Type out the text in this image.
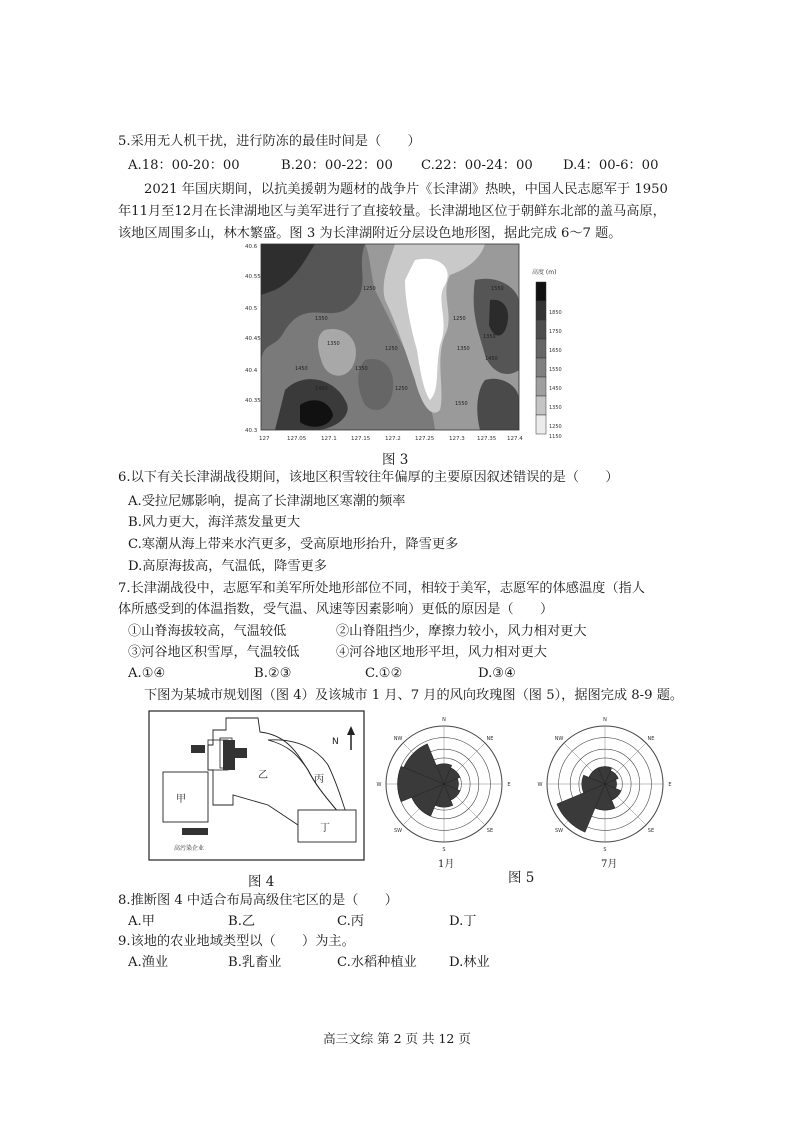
5.采用无人机干扰，进行防冻的最佳时间是（　　）
A.18：00-20：00	B.20：00-22：00 C.22：00-24：00 D.4：00-6：00
2021 年国庆期间，以抗美援朝为题材的战争片《长津湖》热映，中国人民志愿军于 1950
年11月至12月在长津湖地区与美军进行了直接较量。长津湖地区位于朝鲜东北部的盖马高原，
该地区周围多山，林木繁盛。图 3 为长津湖附近分层设色地形图，据此完成 6～7 题。
40.6
40.55
40.5
40.45
40.4
40.35
40.3
127	127.05	127.1	127.15	127.2	127.25	127.3 127.35 127.4
1250
1350
1450
1350
1250
1450
1550
1350
1250
1450
1350
1550
1350
1250
高度 (m)
1850
1750
1650
1550
1450
1350
1250
1150
图 3
6.以下有关长津湖战役期间，该地区积雪较往年偏厚的主要原因叙述错误的是（　　）
A.受拉尼娜影响，提高了长津湖地区寒潮的频率
B.风力更大，海洋蒸发量更大
C.寒潮从海上带来水汽更多，受高原地形抬升，降雪更多
D.高原海拔高，气温低，降雪更多
7.长津湖战役中，志愿军和美军所处地形部位不同，相较于美军，志愿军的体感温度（指人
体所感受到的体温指数，受气温、风速等因素影响）更低的原因是（　　）
①山脊海拔较高，气温较低	②山脊阻挡少，摩擦力较小，风力相对更大
③河谷地区积雪厚，气温较低	④河谷地区地形平坦，风力相对更大
A.①④	B.②③	C.①②	D.③④
下图为某城市规划图（图 4）及该城市 1 月、7 月的风向玫瑰图（图 5），据图完成 8-9 题。
甲
乙	丙
丁
N
高污染企业
图 4
N
NE
E
SE
S
SW
W
NW
N
NE
E
SE
S
SW
W
NW
1月	7月
图 5
8.推断图 4 中适合布局高级住宅区的是（　　）
A.甲	B.乙	C.丙	D.丁
9.该地的农业地域类型以（　　）为主。
A.渔业	B.乳畜业	C.水稻种植业 D.林业
高三文综 第 2 页 共 12 页
